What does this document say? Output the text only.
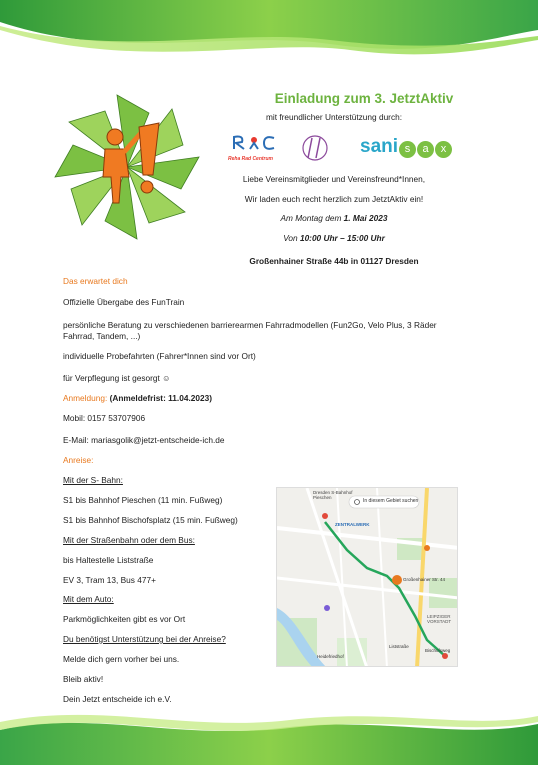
Einladung zum 3. JetztAktiv
mit freundlicher Unterstützung durch:
Reha Rad Centrum
sani s a x
Liebe Vereinsmitglieder und Vereinsfreund*Innen,
Wir laden euch recht herzlich zum JetztAktiv ein!
Am Montag dem 1. Mai 2023
Von 10:00 Uhr – 15:00 Uhr
Großenhainer Straße 44b in 01127 Dresden
Das erwartet dich
Offizielle Übergabe des FunTrain
persönliche Beratung zu verschiedenen barrierearmen Fahrradmodellen (Fun2Go, Velo Plus, 3 Räder
Fahrrad, Tandem, ...)
individuelle Probefahrten (Fahrer*Innen sind vor Ort)
für Verpflegung ist gesorgt ☺
Anmeldung: (Anmeldefrist: 11.04.2023)
Mobil: 0157 53707906
E-Mail: mariasgolik@jetzt-entscheide-ich.de
Anreise:
Mit der S- Bahn:
S1 bis Bahnhof Pieschen (11 min. Fußweg)
S1 bis Bahnhof Bischofsplatz (15 min. Fußweg)
Mit der Straßenbahn oder dem Bus:
bis Haltestelle Liststraße
EV 3, Tram 13, Bus 477+
Mit dem Auto:
Parkmöglichkeiten gibt es vor Ort
Du benötigst Unterstützung bei der Anreise?
Melde dich gern vorher bei uns.
Bleib aktiv!
Dein Jetzt entscheide ich e.V.
In diesem Gebiet suchen
Dresden S-Bahnhof Pieschen
ZENTRALWERK
Großenhainer Str. 44
LEIPZIGER VORSTADT
Liststraße
Bischofsweg
Heidefriedhof
